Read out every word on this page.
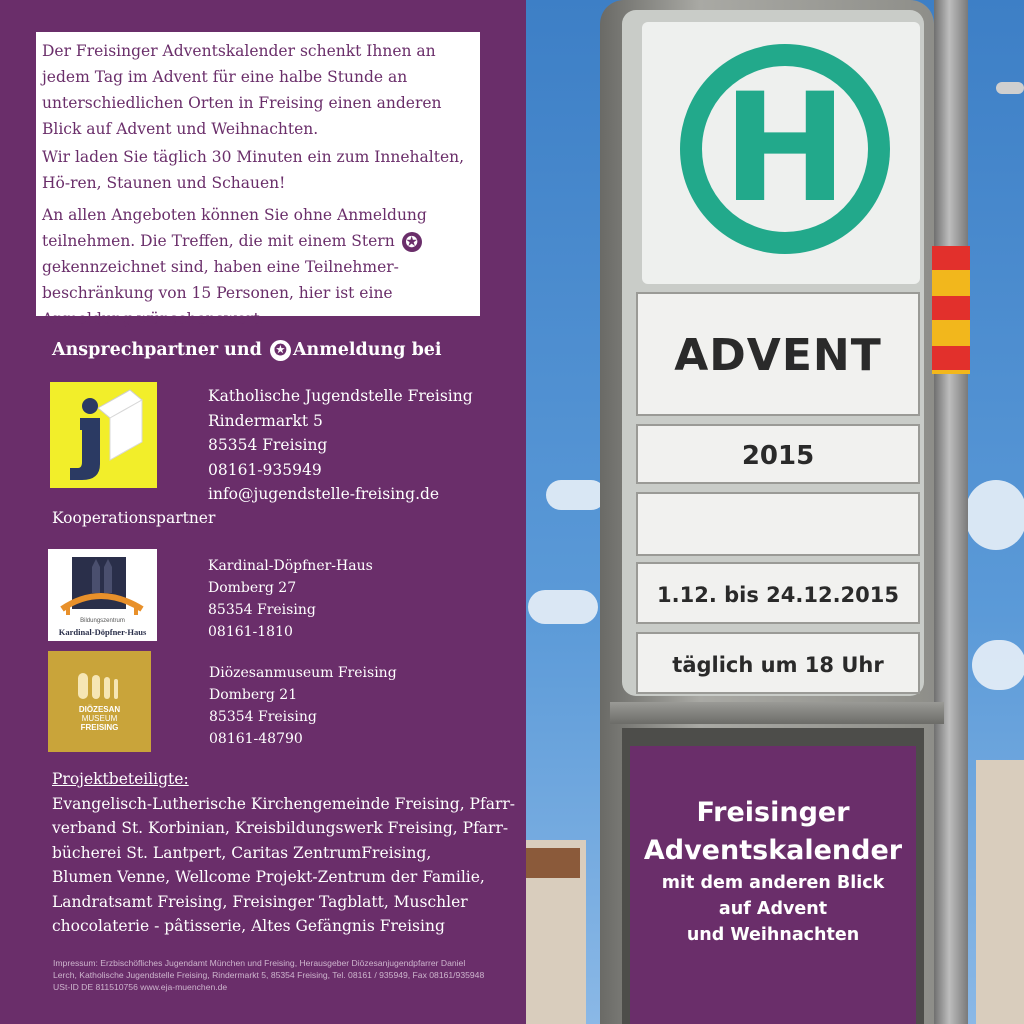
Der Freisinger Adventskalender schenkt Ihnen an jedem Tag im Advent für eine halbe Stunde an unterschiedlichen Orten in Freising einen anderen Blick auf Advent und Weihnachten.

Wir laden Sie täglich 30 Minuten ein zum Innehalten, Hö-ren, Staunen und Schauen!

An allen Angeboten können Sie ohne Anmeldung teilnehmen. Die Treffen, die mit einem Stern ✪ gekennzeichnet sind, haben eine Teilnehmer-beschränkung von 15 Personen, hier ist eine Anmeldung wünschenswert.

Ansprechpartner und ✪ Anmeldung bei
Katholische Jugendstelle Freising
Rindermarkt 5
85354 Freising
08161-935949
info@jugendstelle-freising.de
Kooperationspartner
Bildungszentrum
Kardinal-Döpfner-Haus
Kardinal-Döpfner-Haus
Domberg 27
85354 Freising
08161-1810
DIÖZESAN
MUSEUM
FREISING
Diözesanmuseum Freising
Domberg 21
85354 Freising
08161-48790
Projektbeteiligte:
Evangelisch-Lutherische Kirchengemeinde Freising, Pfarr-
verband St. Korbinian, Kreisbildungswerk Freising, Pfarr-
bücherei St. Lantpert, Caritas ZentrumFreising,
Blumen Venne, Wellcome Projekt-Zentrum der Familie,
Landratsamt Freising, Freisinger Tagblatt, Muschler
chocolaterie - pâtisserie, Altes Gefängnis Freising
Impressum: Erzbischöfliches Jugendamt München und Freising, Herausgeber Diözesanjugendpfarrer Daniel
Lerch, Katholische Jugendstelle Freising, Rindermarkt 5, 85354 Freising, Tel. 08161 / 935949, Fax 08161/935948
USt-ID DE 811510756 www.eja-muenchen.de
H
ADVENT
2015
1.12. bis 24.12.2015
täglich um 18 Uhr
Freisinger
Adventskalender
mit dem anderen Blick
auf Advent
und Weihnachten
